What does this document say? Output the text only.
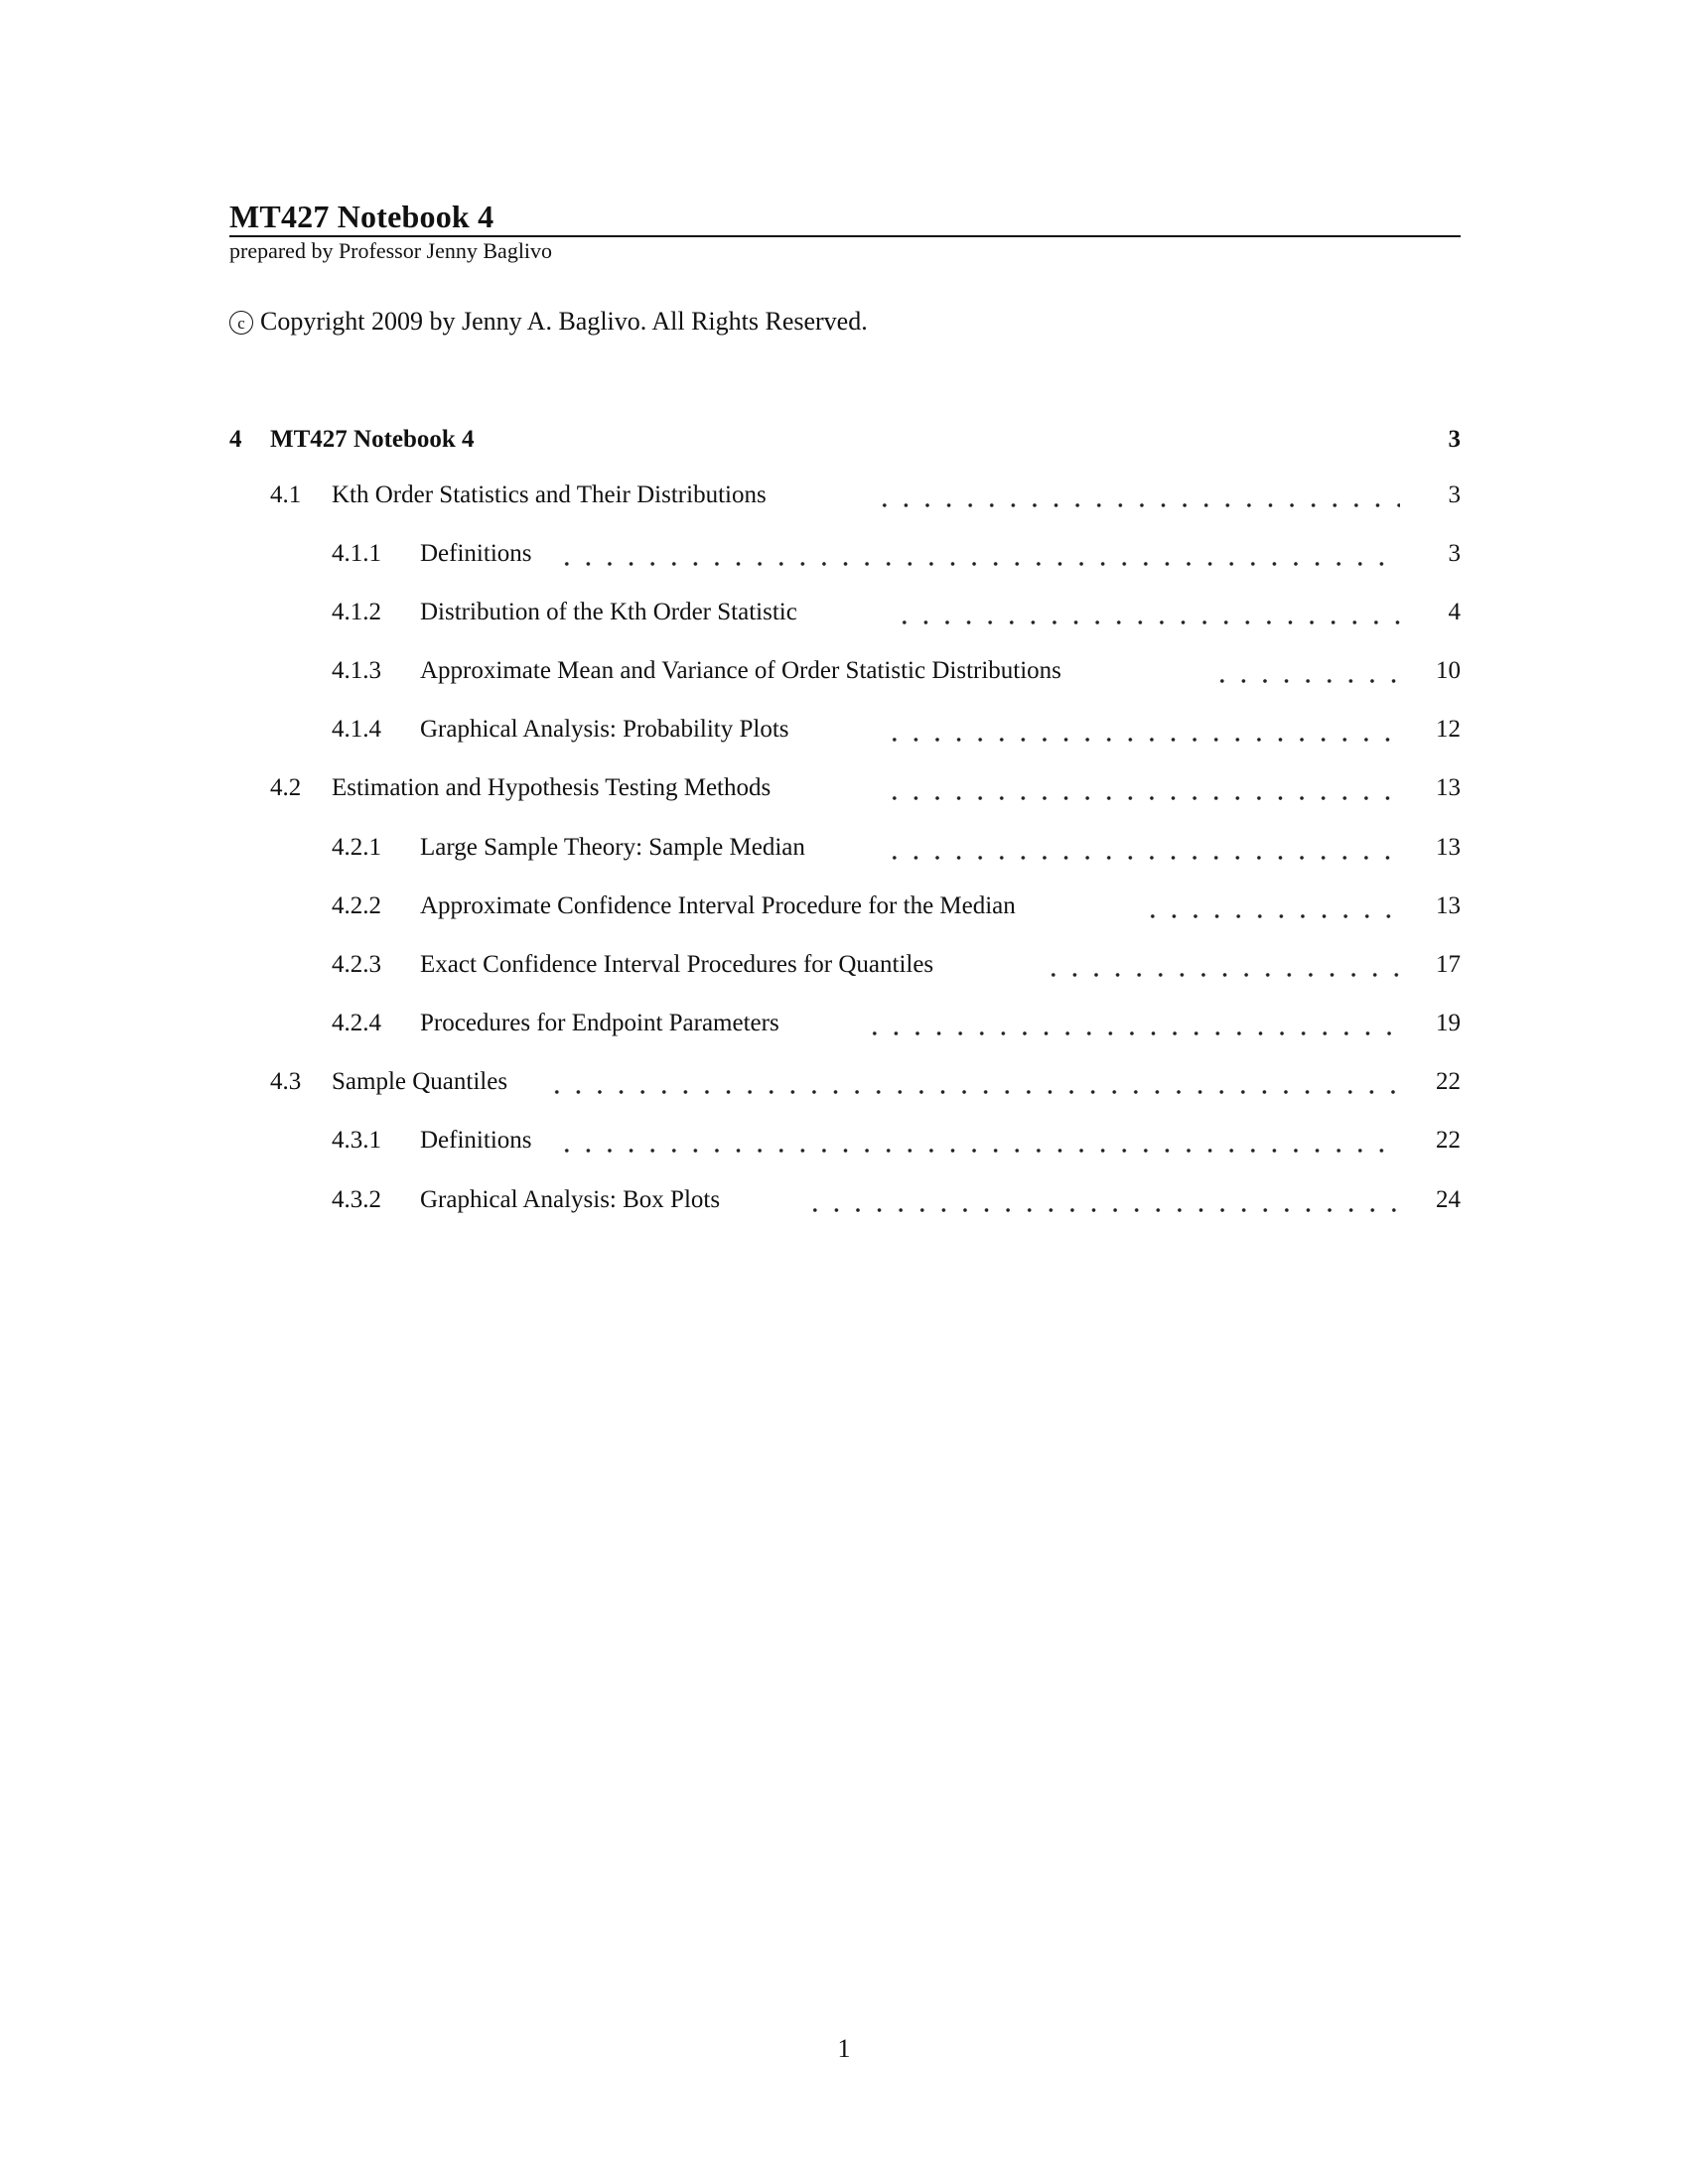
MT427 Notebook 4
prepared by Professor Jenny Baglivo
c Copyright 2009 by Jenny A. Baglivo. All Rights Reserved.
4 MT427 Notebook 4	3
4.1 Kth Order Statistics and Their Distributions	3
4.1.1 Definitions	3
4.1.2 Distribution of the Kth Order Statistic	4
4.1.3 Approximate Mean and Variance of Order Statistic Distributions	10
4.1.4 Graphical Analysis: Probability Plots	12
4.2 Estimation and Hypothesis Testing Methods	13
4.2.1 Large Sample Theory: Sample Median	13
4.2.2 Approximate Confidence Interval Procedure for the Median	13
4.2.3 Exact Confidence Interval Procedures for Quantiles	17
4.2.4 Procedures for Endpoint Parameters	19
4.3 Sample Quantiles	22
4.3.1 Definitions	22
4.3.2 Graphical Analysis: Box Plots	24
1
